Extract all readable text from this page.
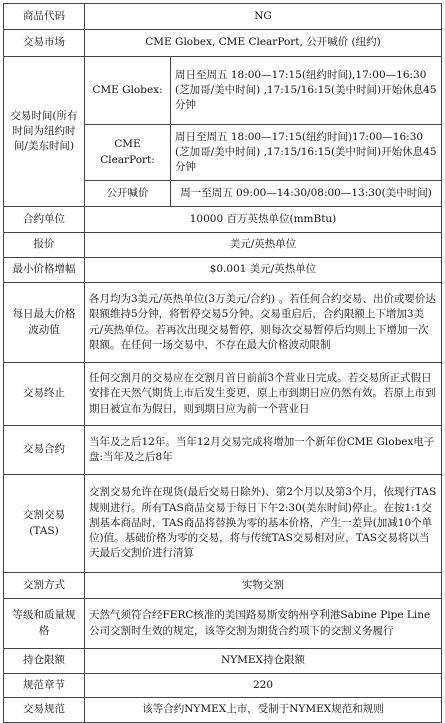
商品代码	NG	
交易市场	CME Globex, CME ClearPort, 公开喊价 (纽约)	
交易时间(所有时间为纽约时间/美东时间)	CME Globex:	周日至周五 18:00—17:15(纽约时间),17:00—16:30 (芝加哥/美中时间) ,17:15/16:15(美中时间)开始休息45分钟
	CME ClearPort:	周日至周五 18:00—17:15(纽约时间)17:00—16:30 (芝加哥/美中时间) ,17:15/16:15(美中时间)开始休息45分钟
	公开喊价	周一至周五 09:00—14:30/08:00—13:30(美中时间)
合约单位	10000 百万英热单位(mmBtu)	
报价	美元/英热单位	
最小价格增幅	$0.001 美元/英热单位	
每日最大价格波动值	各月均为3美元/英热单位(3万美元/合约) 。若任何合约交易、出价或要价达限额维持5分钟，将暂停交易5分钟。交易重启后，合约限额上下增加3美元/英热单位。若再次出现交易暂停，则每次交易暂停后均则上下增加一次限额。在任何一场交易中，不存在最大价格波动限制	
交易终止	任何交割月的交易应在交割月首日前前3个营业日完成。若交易所正式假日安排在天然气期货上市后发生变更，原上市到期日应仍然有效。若原上市到期日被宣布为假日，则到期日应为前一个营业日	
交易合约	当年及之后12年。当年12月交易完成将增加一个新年份CME Globex电子盘:当年及之后8年	
交割交易 (TAS)	交割交易允许在现货(最后交易日除外)、第2个月以及第3个月，依现行TAS规则进行。所有TAS商品交易于每日下午2:30(美东时间)停止。在按1:1交割基本商品时，TAS商品将替换为零的基本价格，产生一差异(加减10个单位)值。基础价格为零的交易，将与传统TAS交易相对应，TAS交易将以当天最后交割价进行清算	
交割方式	实物交割	
等级和质量规格	天然气须符合经FERC核准的美国路易斯安纳州亨利港Sabine Pipe Line公司交割时生效的规定，该等交割为期货合约项下的交割义务履行	
持仓限额	NYMEX持仓限额	
规范章节	220	
交易规范	该等合约NYMEX上市，受制于NYMEX规范和规则	
